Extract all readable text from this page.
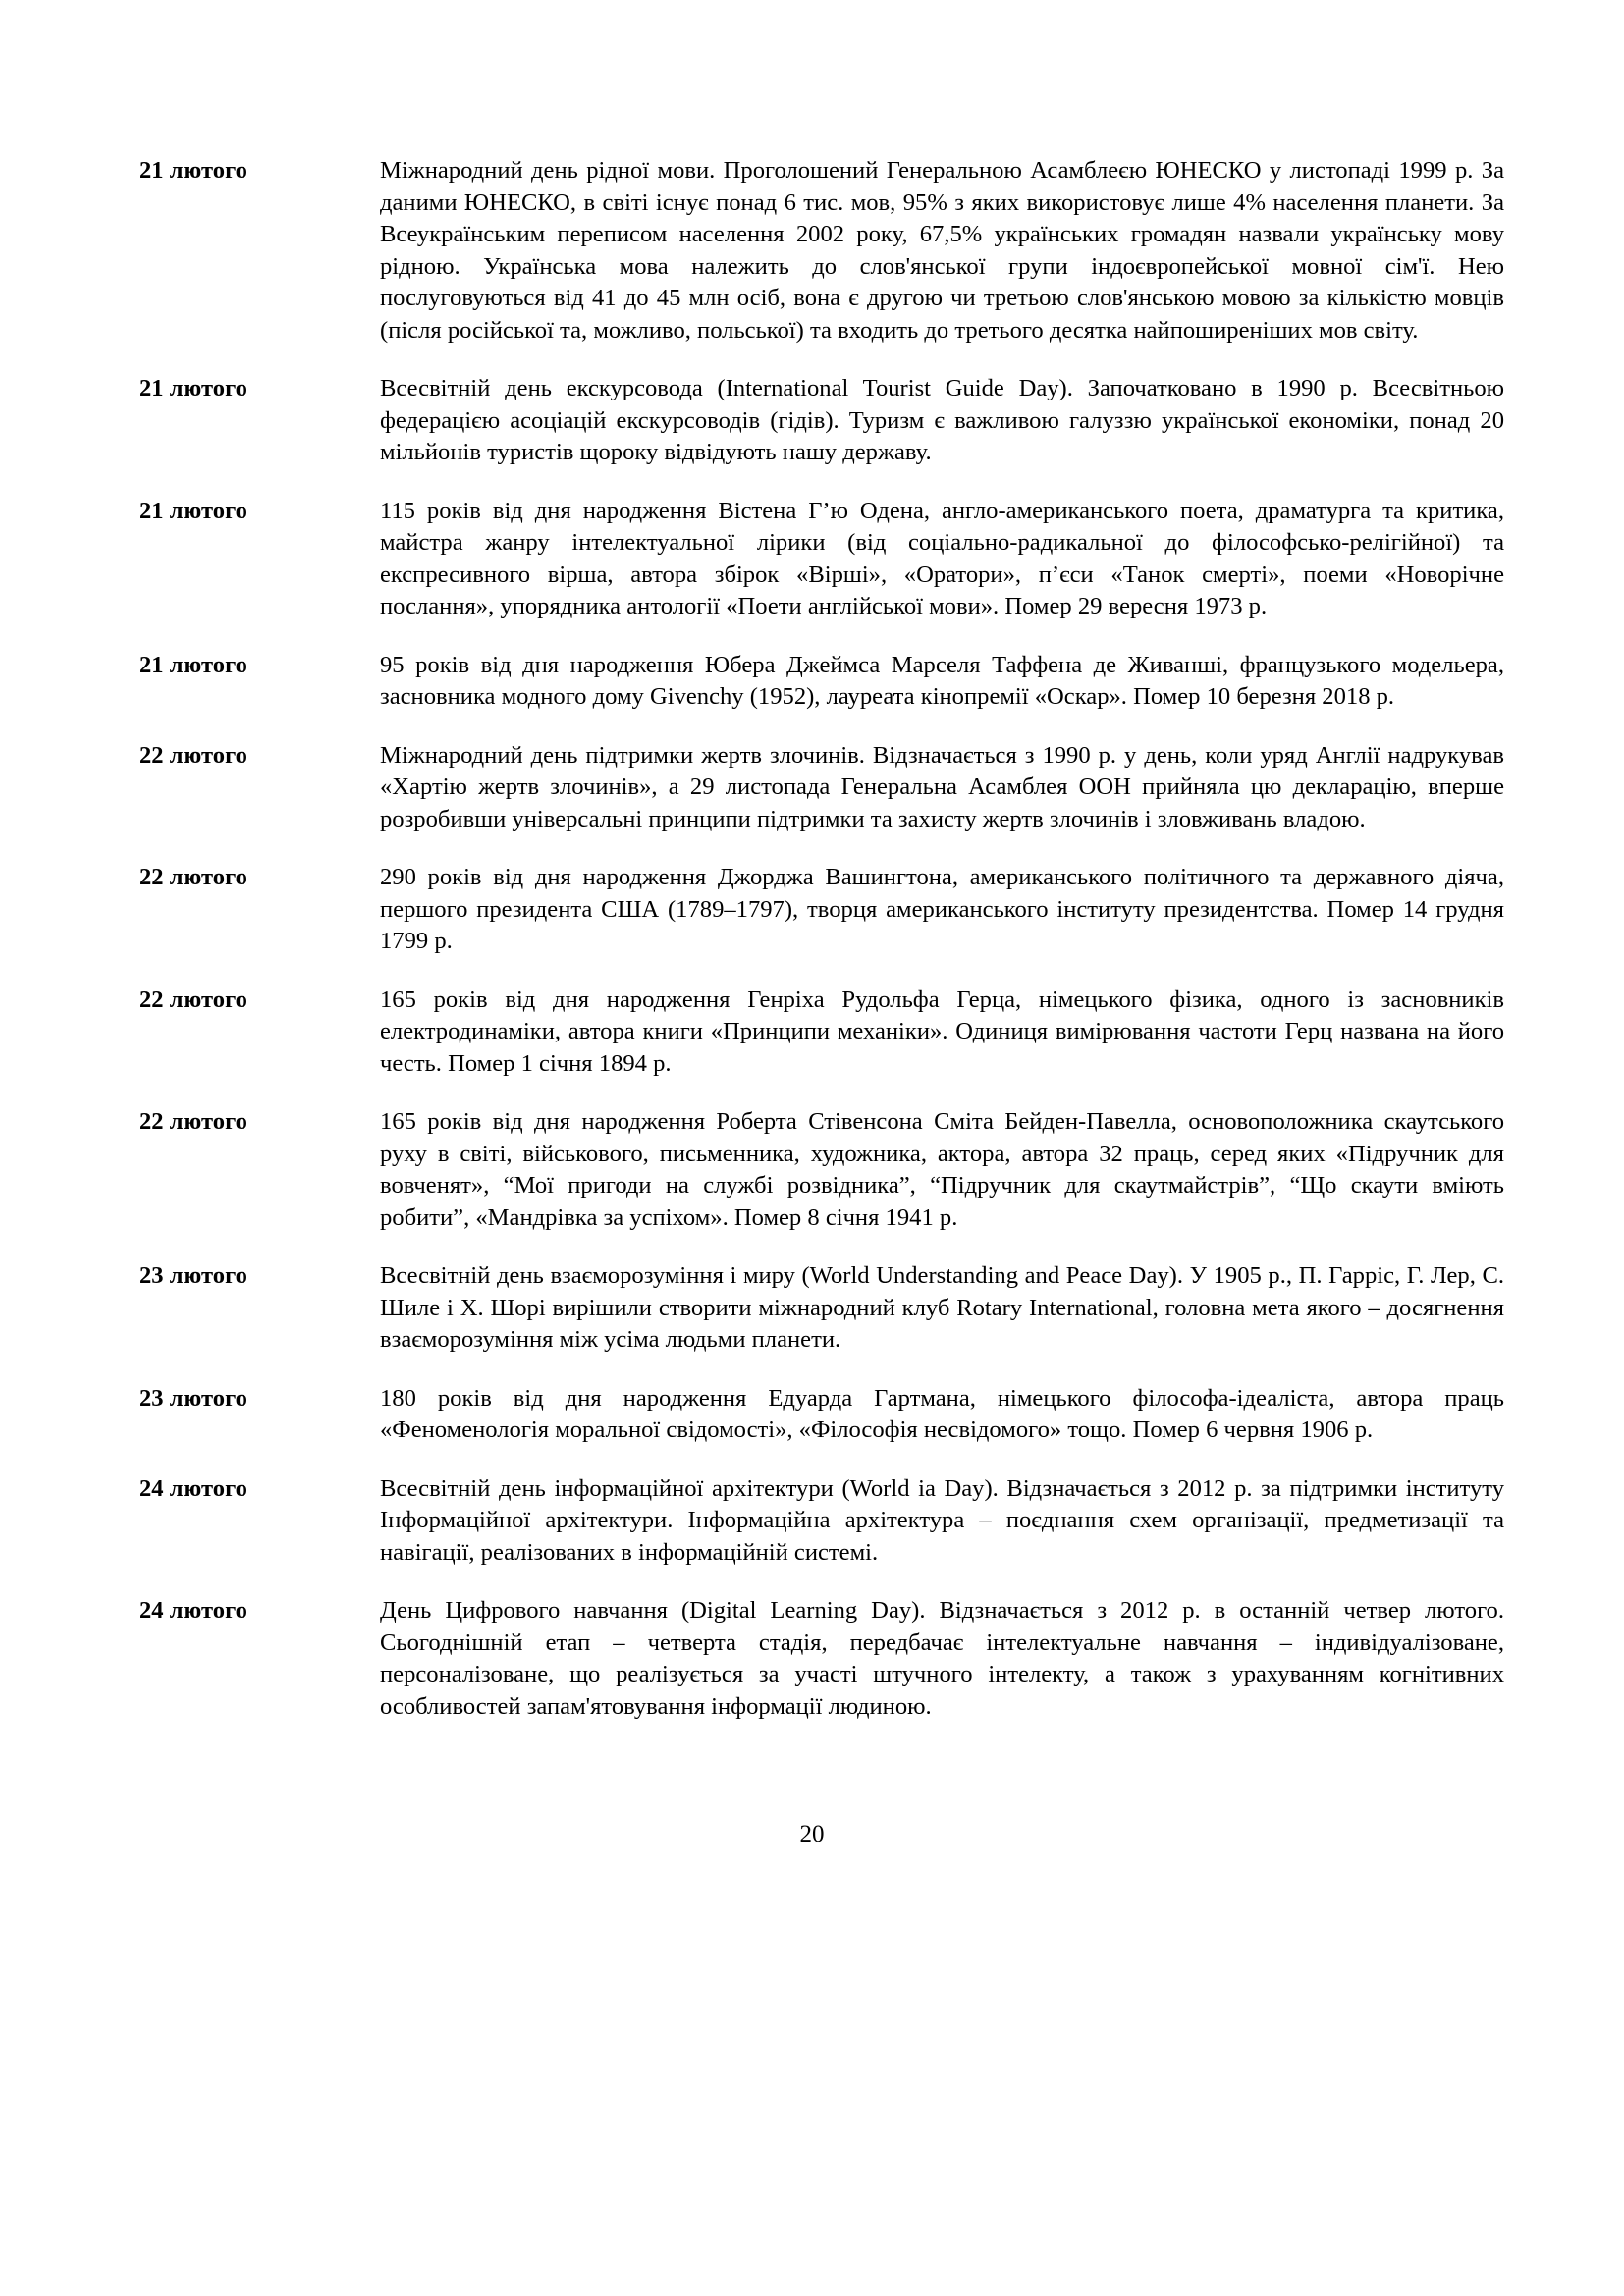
21 лютого	Міжнародний день рідної мови. Проголошений Генеральною Асамблеєю ЮНЕСКО у листопаді 1999 р. За даними ЮНЕСКО, в світі існує понад 6 тис. мов, 95% з яких використовує лише 4% населення планети. За Всеукраїнським переписом населення 2002 року, 67,5% українських громадян назвали українську мову рідною. Українська мова належить до слов'янської групи індоєвропейської мовної сім'ї. Нею послуговуються від 41 до 45 млн осіб, вона є другою чи третьою слов'янською мовою за кількістю мовців (після російської та, можливо, польської) та входить до третього десятка найпоширеніших мов світу.
21 лютого	Всесвітній день екскурсовода (International Tourist Guide Day). Започатковано в 1990 р. Всесвітньою федерацією асоціацій екскурсоводів (гідів). Туризм є важливою галуззю української економіки, понад 20 мільйонів туристів щороку відвідують нашу державу.
21 лютого	115 років від дня народження Вістена Г’ю Одена, англо-американського поета, драматурга та критика, майстра жанру інтелектуальної лірики (від соціально-радикальної до філософсько-релігійної) та експресивного вірша, автора збірок «Вірші», «Оратори», п’єси «Танок смерті», поеми «Новорічне послання», упорядника антології «Поети англійської мови». Помер 29 вересня 1973 р.
21 лютого	95 років від дня народження Юбера Джеймса Марселя Таффена де Живаншi, французького модельера, засновника модного дому Givenchy (1952), лауреата кінопремії «Оскар». Помер 10 березня 2018 р.
22 лютого	Міжнародний день підтримки жертв злочинів. Відзначається з 1990 р. у день, коли уряд Англії надрукував «Хартію жертв злочинів», а 29 листопада Генеральна Асамблея ООН прийняла цю декларацію, вперше розробивши універсальні принципи підтримки та захисту жертв злочинів і зловживань владою.
22 лютого	290 років від дня народження Джорджа Вашингтона, американського політичного та державного діяча, першого президента США (1789–1797), творця американського інституту президентства. Помер 14 грудня 1799 р.
22 лютого	165 років від дня народження Генріха Рудольфа Герца, німецького фізика, одного із засновників електродинаміки, автора книги «Принципи механіки». Одиниця вимірювання частоти Герц названа на його честь. Помер 1 січня 1894 р.
22 лютого	165 років від дня народження Роберта Стівенсона Сміта Бейден-Павелла, основоположника скаутського руху в світі, військового, письменника, художника, актора, автора 32 праць, серед яких «Підручник для вовченят», “Мої пригоди на службі розвідника”, “Підручник для скаутмайстрів”, “Що скаути вміють робити”, «Мандрівка за успіхом». Помер 8 січня 1941 р.
23 лютого	Всесвітній день взаєморозуміння і миру (World Understanding and Peace Day). У 1905 р., П. Гарріс, Г. Лер, С. Шиле і Х. Шорі вирішили створити міжнародний клуб Rotary International, головна мета якого – досягнення взаєморозуміння між усіма людьми планети.
23 лютого	180 років від дня народження Едуарда Гартмана, німецького філософа-ідеаліста, автора праць «Феноменологія моральної свідомості», «Філософія несвідомого» тощо. Помер 6 червня 1906 р.
24 лютого	Всесвітній день інформаційної архітектури (World ia Day). Відзначається з 2012 р. за підтримки інституту Інформаційної архітектури. Інформаційна архітектура – поєднання схем організації, предметизації та навігації, реалізованих в інформаційній системі.
24 лютого	День Цифрового навчання (Digital Learning Day). Відзначається з 2012 р. в останній четвер лютого. Сьогоднішній етап – четверта стадія, передбачає інтелектуальне навчання – індивідуалізоване, персоналізоване, що реалізується за участі штучного інтелекту, а також з урахуванням когнітивних особливостей запам'ятовування інформації людиною.
20
